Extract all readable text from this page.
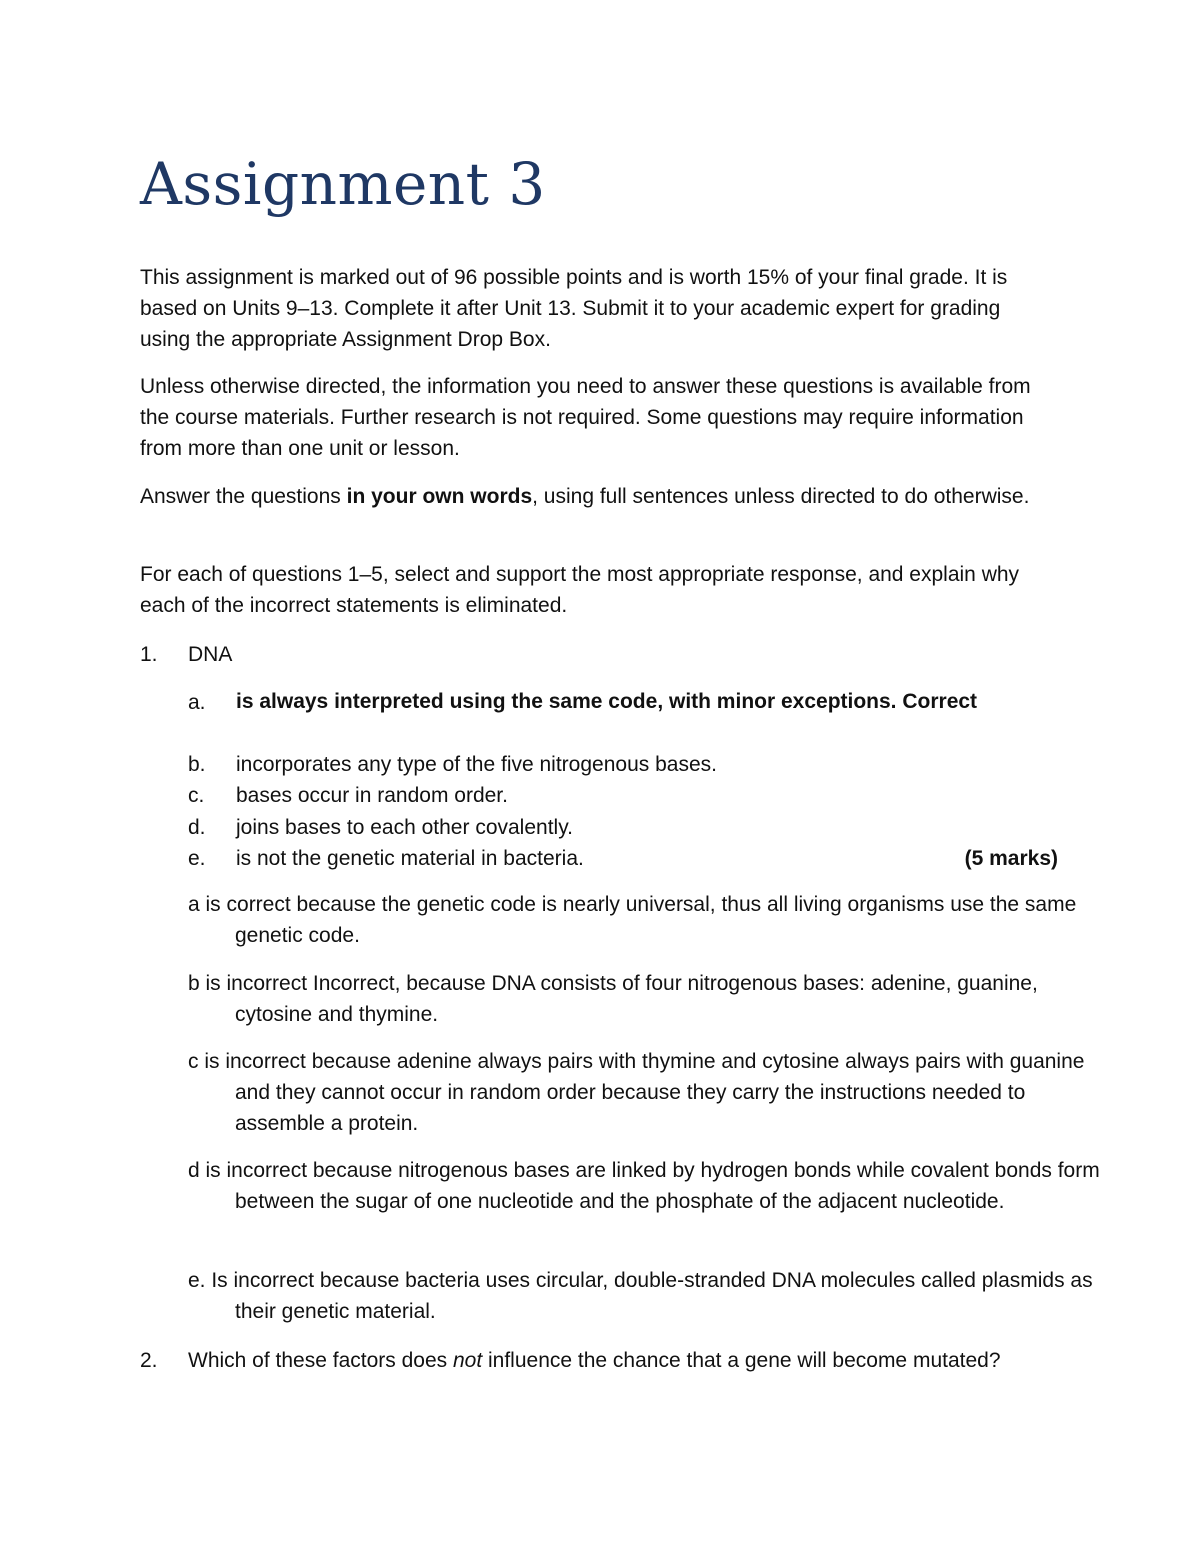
Assignment 3

This assignment is marked out of 96 possible points and is worth 15% of your final grade. It is based on Units 9–13. Complete it after Unit 13. Submit it to your academic expert for grading using the appropriate Assignment Drop Box.

Unless otherwise directed, the information you need to answer these questions is available from the course materials. Further research is not required. Some questions may require information from more than one unit or lesson.

Answer the questions in your own words, using full sentences unless directed to do otherwise.

For each of questions 1–5, select and support the most appropriate response, and explain why each of the incorrect statements is eliminated.

1. DNA
a. is always interpreted using the same code, with minor exceptions. Correct
b. incorporates any type of the five nitrogenous bases.
c. bases occur in random order.
d. joins bases to each other covalently.
e. is not the genetic material in bacteria.	(5 marks)

a is correct because the genetic code is nearly universal, thus all living organisms use the same genetic code.

b is incorrect Incorrect, because DNA consists of four nitrogenous bases: adenine, guanine, cytosine and thymine.

c is incorrect because adenine always pairs with thymine and cytosine always pairs with guanine and they cannot occur in random order because they carry the instructions needed to assemble a protein.

d is incorrect because nitrogenous bases are linked by hydrogen bonds while covalent bonds form between the sugar of one nucleotide and the phosphate of the adjacent nucleotide.

e. Is incorrect because bacteria uses circular, double-stranded DNA molecules called plasmids as their genetic material.

2. Which of these factors does not influence the chance that a gene will become mutated?
